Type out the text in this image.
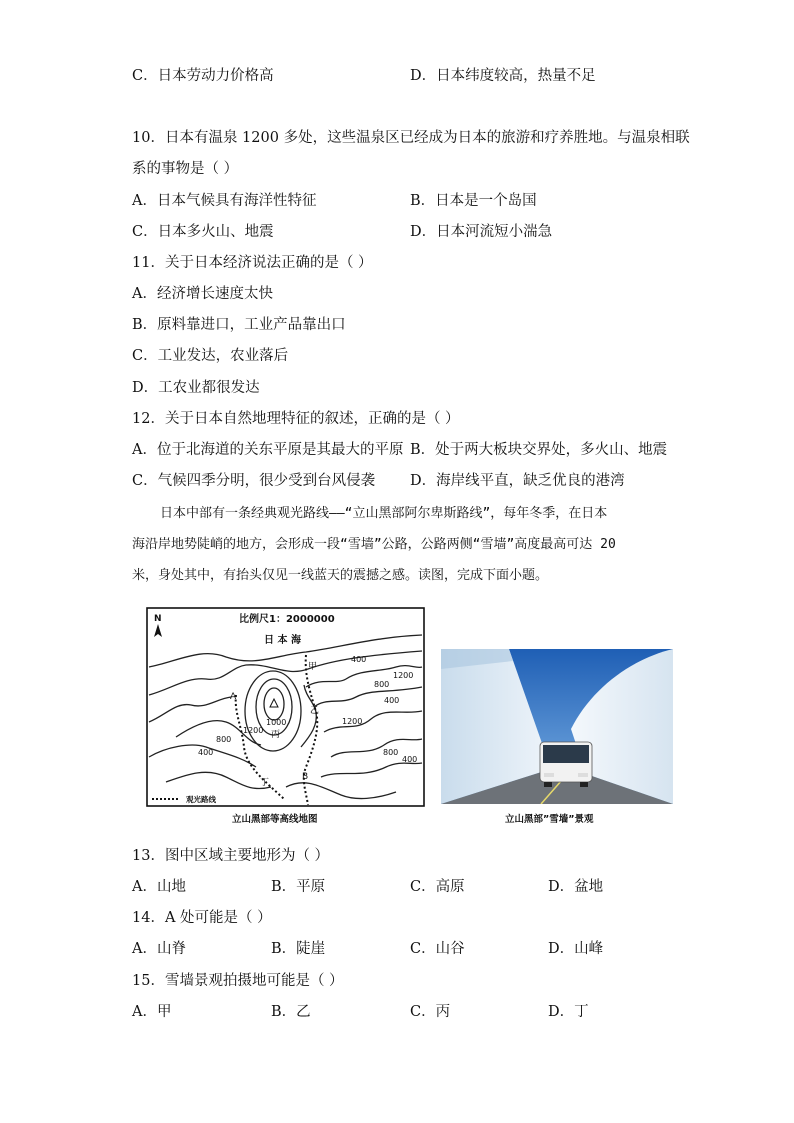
C．日本劳动力价格高	D．日本纬度较高，热量不足
10．日本有温泉 1200 多处，这些温泉区已经成为日本的旅游和疗养胜地。与温泉相联
系的事物是（ ）
A．日本气候具有海洋性特征	B．日本是一个岛国
C．日本多火山、地震	D．日本河流短小湍急
11．关于日本经济说法正确的是（ ）
A．经济增长速度太快
B．原料靠进口，工业产品靠出口
C．工业发达，农业落后
D．工农业都很发达
12．关于日本自然地理特征的叙述，正确的是（ ）
A．位于北海道的关东平原是其最大的平原 B．处于两大板块交界处，多火山、地震
C．气候四季分明，很少受到台风侵袭 D．海岸线平直，缺乏优良的港湾
日本中部有一条经典观光路线——“立山黑部阿尔卑斯路线”，每年冬季，在日本
海沿岸地势陡峭的地方，会形成一段“雪墙”公路，公路两侧“雪墙”高度最高可达 20
米，身处其中，有抬头仅见一线蓝天的震撼之感。读图，完成下面小题。
N	比例尺1：2000000
日 本 海
400
800
1200
1000
400
1200
1200
800
400
800
400
甲
乙
丙
丁
A
B
观光路线
立山黑部等高线地图	立山黑部”雪墙”景观
13．图中区域主要地形为（ ）
A．山地	B．平原	C．高原	D．盆地
14．A 处可能是（ ）
A．山脊	B．陡崖	C．山谷	D．山峰
15．雪墙景观拍摄地可能是（ ）
A．甲	B．乙	C．丙	D．丁
